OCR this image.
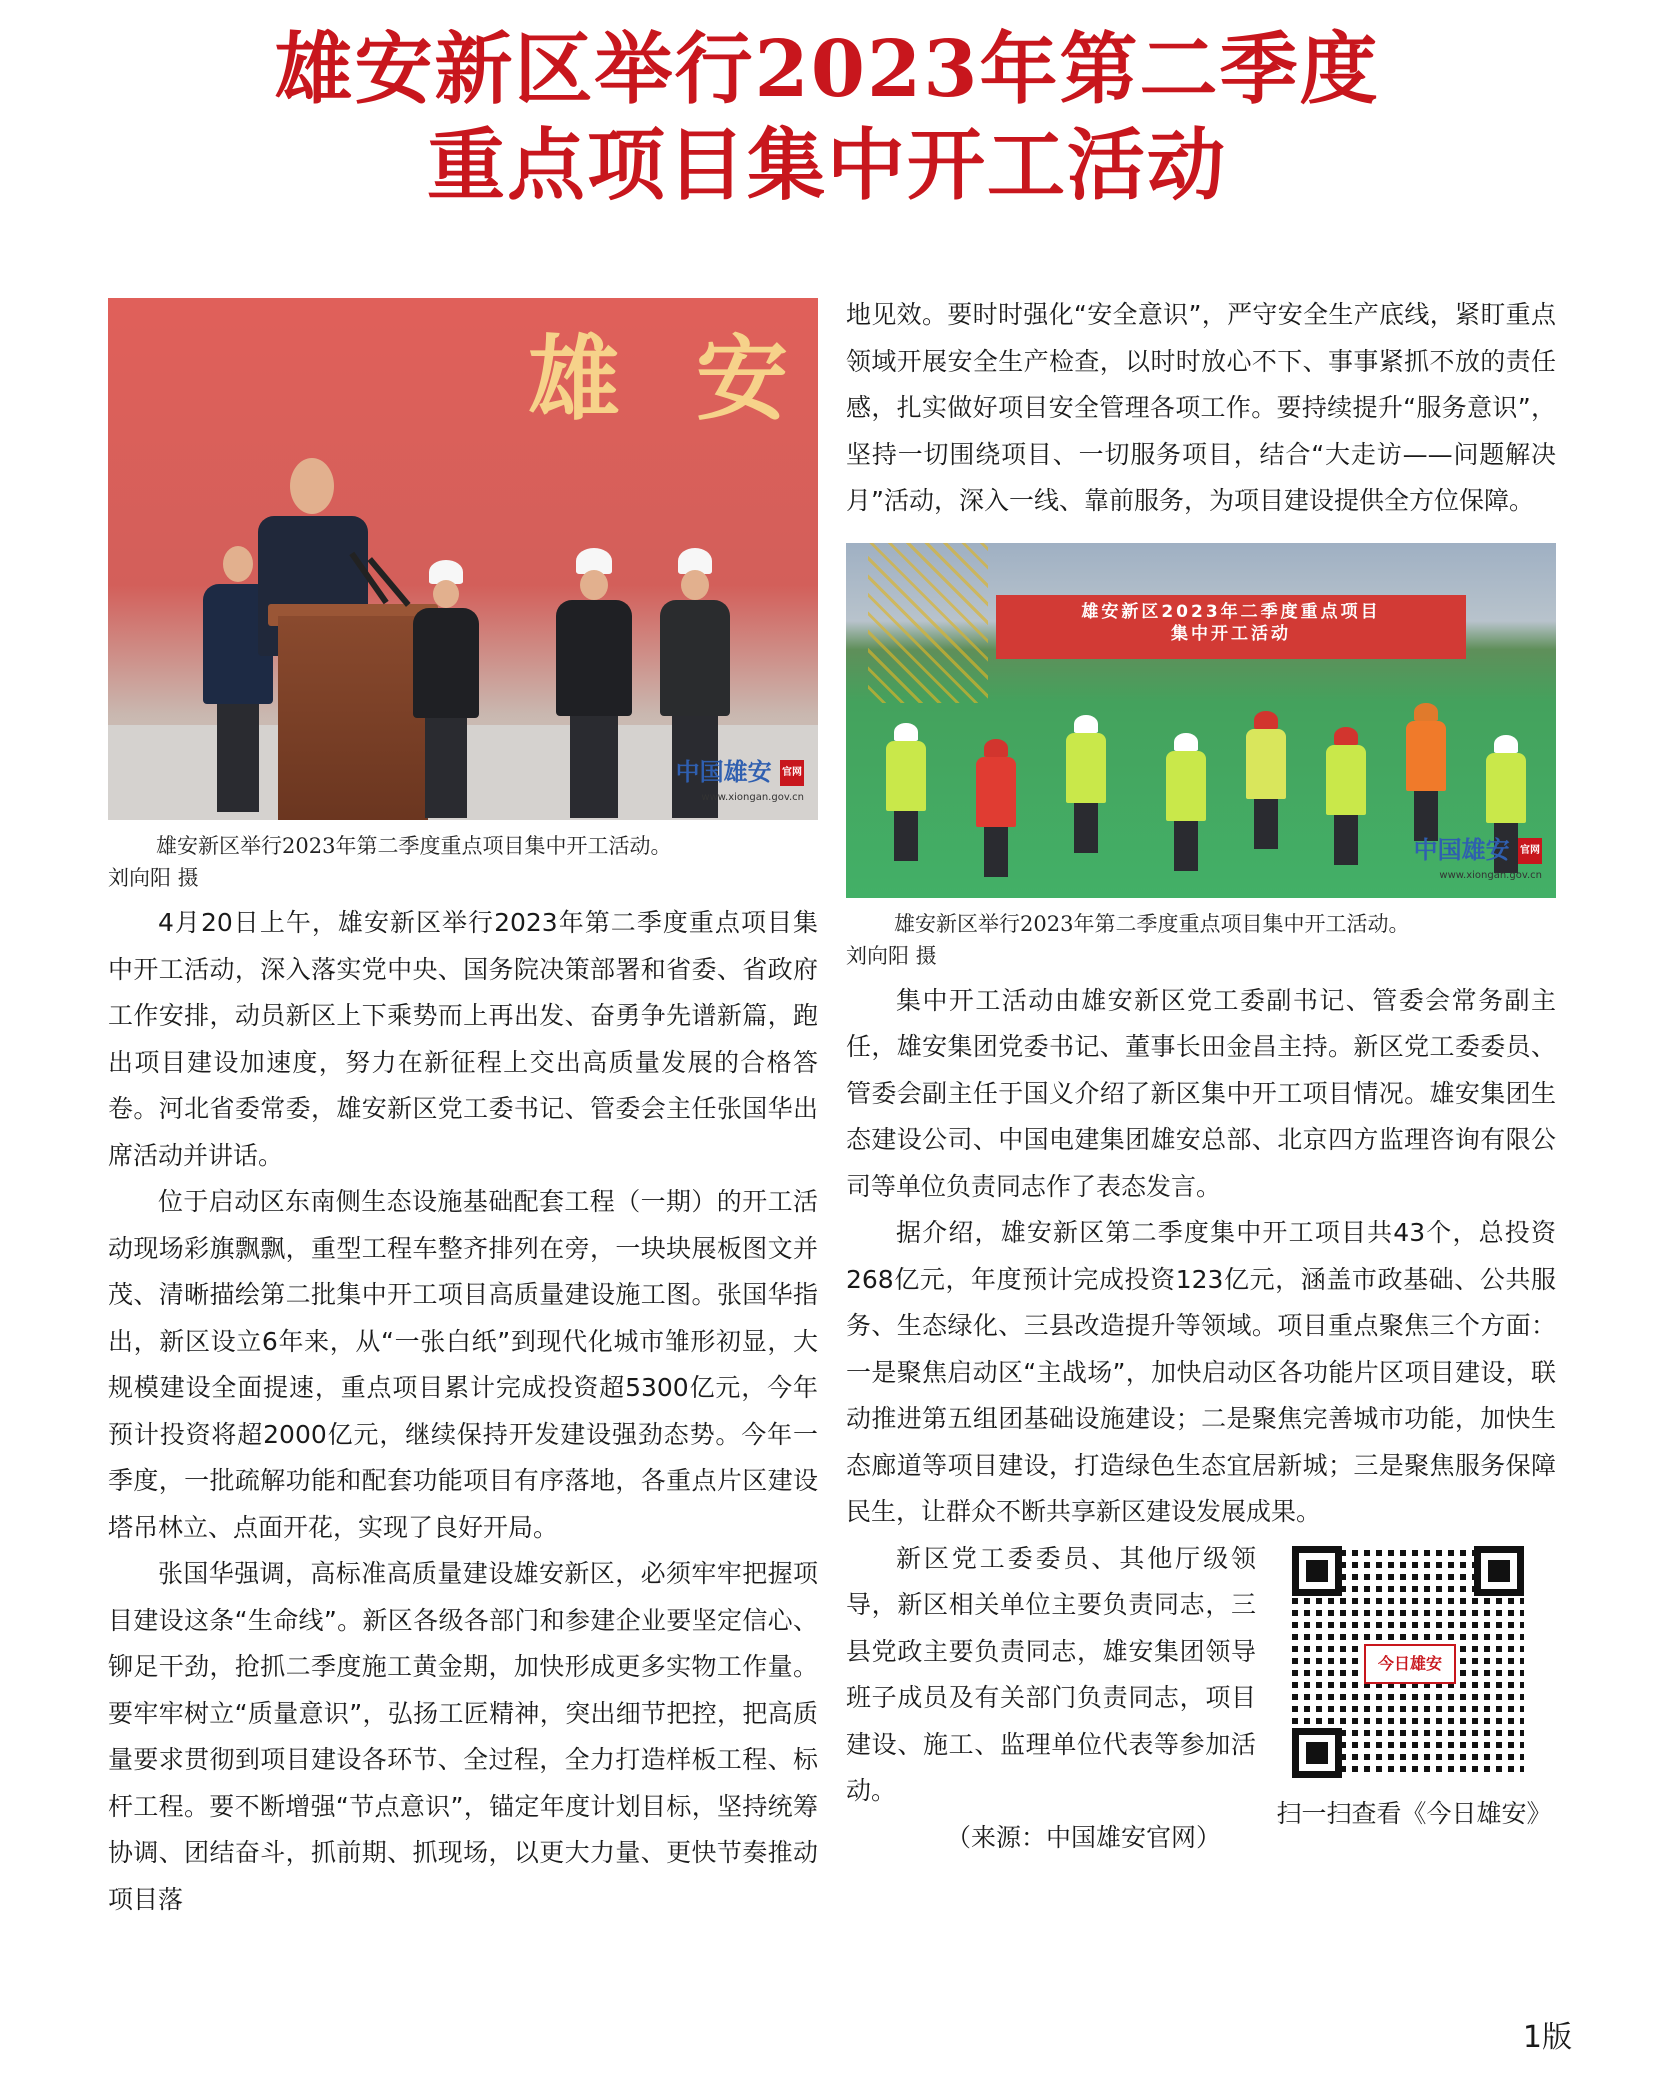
雄安新区举行2023年第二季度
重点项目集中开工活动
雄 安
中国雄安 官网
www.xiongan.gov.cn
雄安新区举行2023年第二季度重点项目集中开工活动。
刘向阳 摄

4月20日上午，雄安新区举行2023年第二季度重点项目集中开工活动，深入落实党中央、国务院决策部署和省委、省政府工作安排，动员新区上下乘势而上再出发、奋勇争先谱新篇，跑出项目建设加速度，努力在新征程上交出高质量发展的合格答卷。河北省委常委，雄安新区党工委书记、管委会主任张国华出席活动并讲话。

位于启动区东南侧生态设施基础配套工程（一期）的开工活动现场彩旗飘飘，重型工程车整齐排列在旁，一块块展板图文并茂、清晰描绘第二批集中开工项目高质量建设施工图。张国华指出，新区设立6年来，从“一张白纸”到现代化城市雏形初显，大规模建设全面提速，重点项目累计完成投资超5300亿元，今年预计投资将超2000亿元，继续保持开发建设强劲态势。今年一季度，一批疏解功能和配套功能项目有序落地，各重点片区建设塔吊林立、点面开花，实现了良好开局。

张国华强调，高标准高质量建设雄安新区，必须牢牢把握项目建设这条“生命线”。新区各级各部门和参建企业要坚定信心、铆足干劲，抢抓二季度施工黄金期，加快形成更多实物工作量。要牢牢树立“质量意识”，弘扬工匠精神，突出细节把控，把高质量要求贯彻到项目建设各环节、全过程，全力打造样板工程、标杆工程。要不断增强“节点意识”，锚定年度计划目标，坚持统筹协调、团结奋斗，抓前期、抓现场，以更大力量、更快节奏推动项目落

地见效。要时时强化“安全意识”，严守安全生产底线，紧盯重点领域开展安全生产检查，以时时放心不下、事事紧抓不放的责任感，扎实做好项目安全管理各项工作。要持续提升“服务意识”，坚持一切围绕项目、一切服务项目，结合“大走访——问题解决月”活动，深入一线、靠前服务，为项目建设提供全方位保障。

雄安新区2023年二季度重点项目
集中开工活动
中国雄安 官网
www.xiongan.gov.cn
雄安新区举行2023年第二季度重点项目集中开工活动。
刘向阳 摄

集中开工活动由雄安新区党工委副书记、管委会常务副主任，雄安集团党委书记、董事长田金昌主持。新区党工委委员、管委会副主任于国义介绍了新区集中开工项目情况。雄安集团生态建设公司、中国电建集团雄安总部、北京四方监理咨询有限公司等单位负责同志作了表态发言。

据介绍，雄安新区第二季度集中开工项目共43个，总投资268亿元，年度预计完成投资123亿元，涵盖市政基础、公共服务、生态绿化、三县改造提升等领域。项目重点聚焦三个方面：一是聚焦启动区“主战场”，加快启动区各功能片区项目建设，联动推进第五组团基础设施建设；二是聚焦完善城市功能，加快生态廊道等项目建设，打造绿色生态宜居新城；三是聚焦服务保障民生，让群众不断共享新区建设发展成果。

新区党工委委员、其他厅级领导，新区相关单位主要负责同志，三县党政主要负责同志，雄安集团领导班子成员及有关部门负责同志，项目建设、施工、监理单位代表等参加活动。

（来源：中国雄安官网）
今日雄安
扫一扫查看《今日雄安》
1版
